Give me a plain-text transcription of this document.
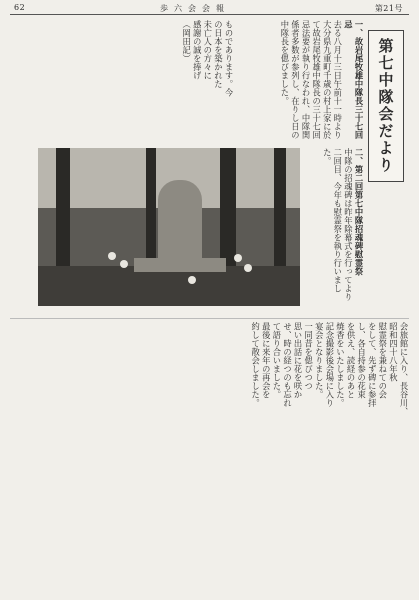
62	歩六会会報	第21号
第七中隊会だより
一、故岩尾牧雄中隊長三十七回忌
去る八月十三日午前十一時より大分県九重町千歳の村上家に於て故岩尾牧雄中隊長の三十七回忌法要が執り行なわれ、中隊関係者多数が参列し、在りし日の中隊長を偲びました。
二、第二回第七中隊招魂碑慰霊祭
中隊の招魂碑は昨年除幕式を行ってより二回目、今年も慰霊祭を執り行いました。
ものであります。今
の日本を築かれた
未亡人の方々に
感謝の誠を捧げ
（岡田記）
会旅館に入り、長谷川、
昭和四十八年秋
慰霊祭を兼ねての会
をして、先ず碑に参拝
し、各自持参の花束
を供え、読経のあと
焼香をいたしました。
記念撮影後会場に入り
宴会となりました。
一同昔を偲びつつ
思い出話に花を咲か
せ、時の経つのも忘れ
て語り合いました。
最後に来年の再会を
約して散会しました。
